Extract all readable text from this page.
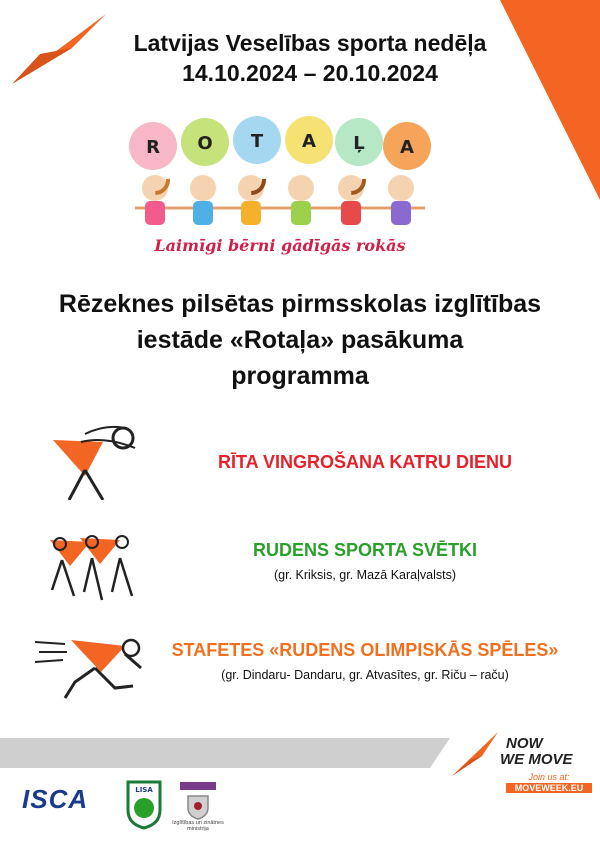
Latvijas Veselības sporta nedēļa
14.10.2024 – 20.10.2024
R O T A Ļ A
Laimīgi bērni gādīgās rokās
Rēzeknes pilsētas pirmsskolas izglītības
iestāde «Rotaļa» pasākuma
programma
RĪTA VINGROŠANA KATRU DIENU
RUDENS SPORTA SVĒTKI
(gr. Kriksis, gr. Mazā Karaļvalsts)
STAFETES «RUDENS OLIMPISKĀS SPĒLES»
(gr. Dindaru- Dandaru, gr. Atvasītes, gr. Riču – raču)
NOW
WE MOVE
Join us at:
MOVEWEEK.EU
ISCA	LISA
Izglītības un zinātnes ministrija
